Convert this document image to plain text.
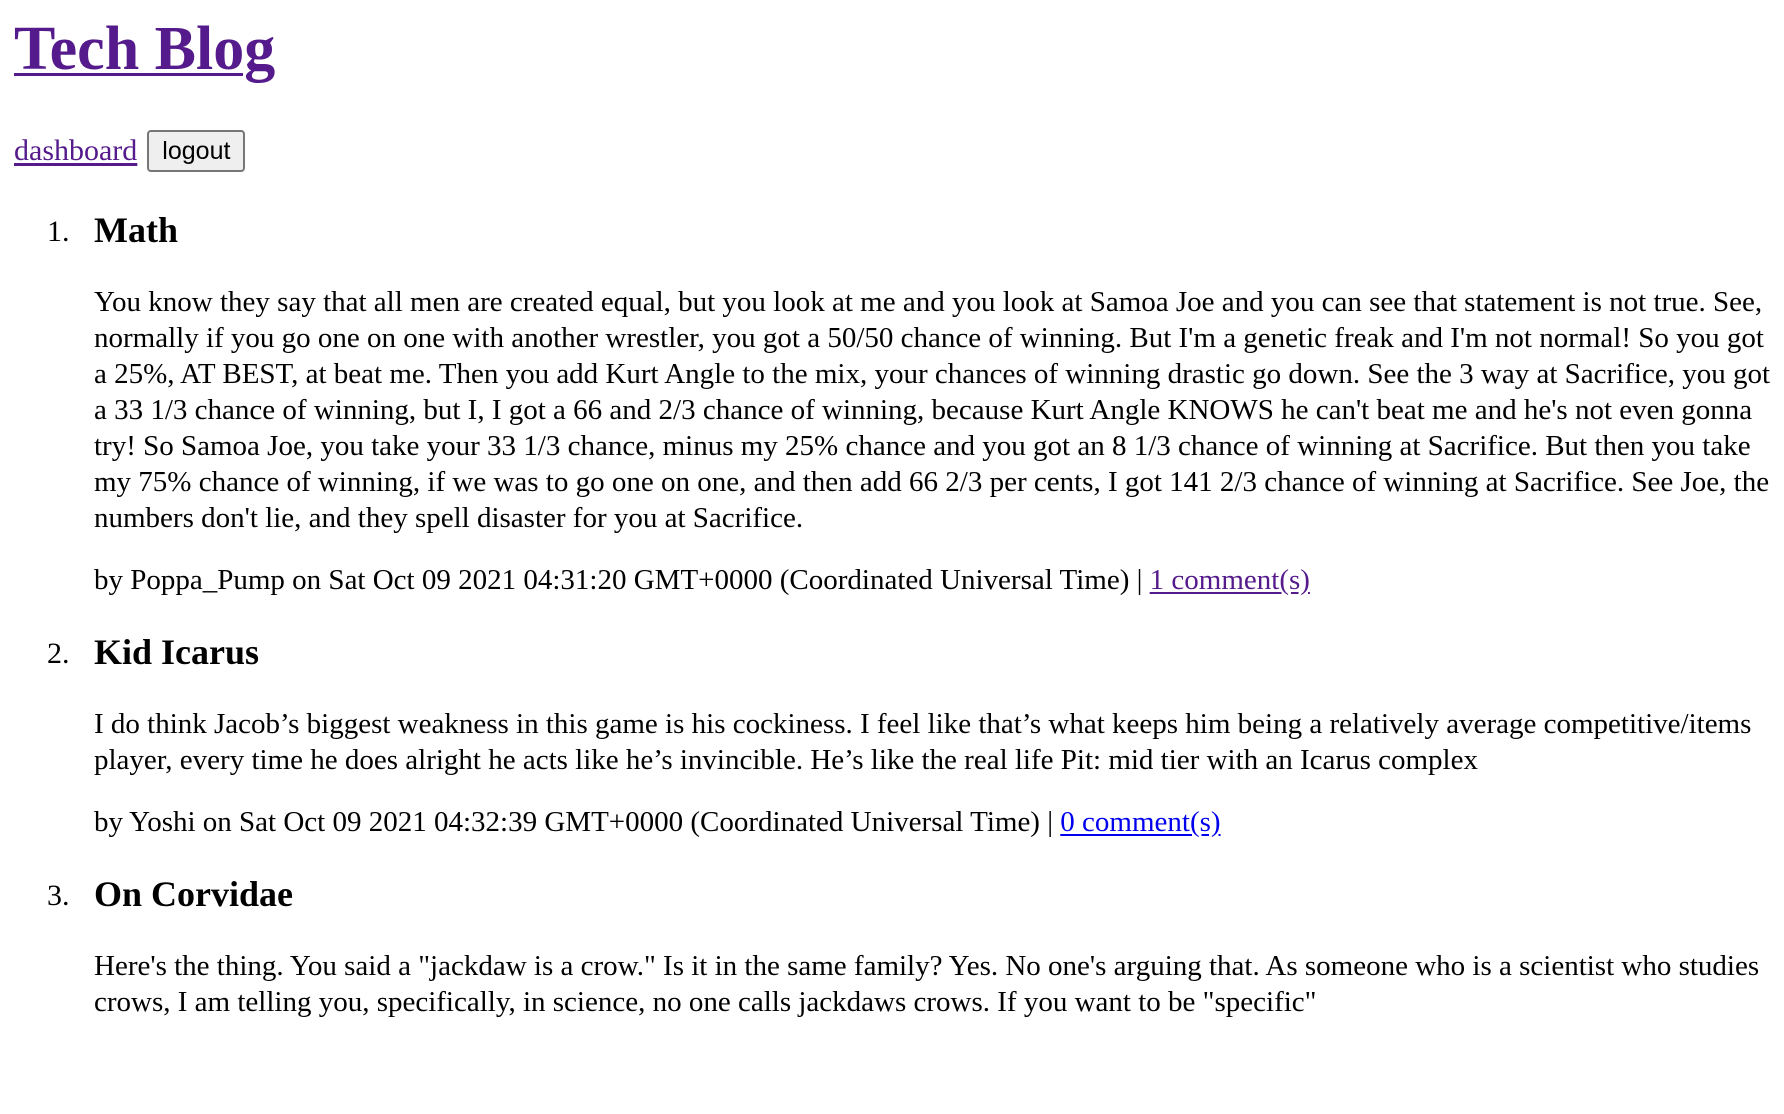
Tech Blog
dashboard	logout
1. Math

You know they say that all men are created equal, but you look at me and you look at Samoa Joe and you can see that statement is not true. See, normally if you go one on one with another wrestler, you got a 50/50 chance of winning. But I'm a genetic freak and I'm not normal! So you got a 25%, AT BEST, at beat me. Then you add Kurt Angle to the mix, your chances of winning drastic go down. See the 3 way at Sacrifice, you got a 33 1/3 chance of winning, but I, I got a 66 and 2/3 chance of winning, because Kurt Angle KNOWS he can't beat me and he's not even gonna try! So Samoa Joe, you take your 33 1/3 chance, minus my 25% chance and you got an 8 1/3 chance of winning at Sacrifice. But then you take my 75% chance of winning, if we was to go one on one, and then add 66 2/3 per cents, I got 141 2/3 chance of winning at Sacrifice. See Joe, the numbers don't lie, and they spell disaster for you at Sacrifice.

by Poppa_Pump on Sat Oct 09 2021 04:31:20 GMT+0000 (Coordinated Universal Time) | 1 comment(s)

2. Kid Icarus

I do think Jacob’s biggest weakness in this game is his cockiness. I feel like that’s what keeps him being a relatively average competitive/items player, every time he does alright he acts like he’s invincible. He’s like the real life Pit: mid tier with an Icarus complex

by Yoshi on Sat Oct 09 2021 04:32:39 GMT+0000 (Coordinated Universal Time) | 0 comment(s)

3. On Corvidae

Here's the thing. You said a "jackdaw is a crow." Is it in the same family? Yes. No one's arguing that. As someone who is a scientist who studies crows, I am telling you, specifically, in science, no one calls jackdaws crows. If you want to be "specific"
